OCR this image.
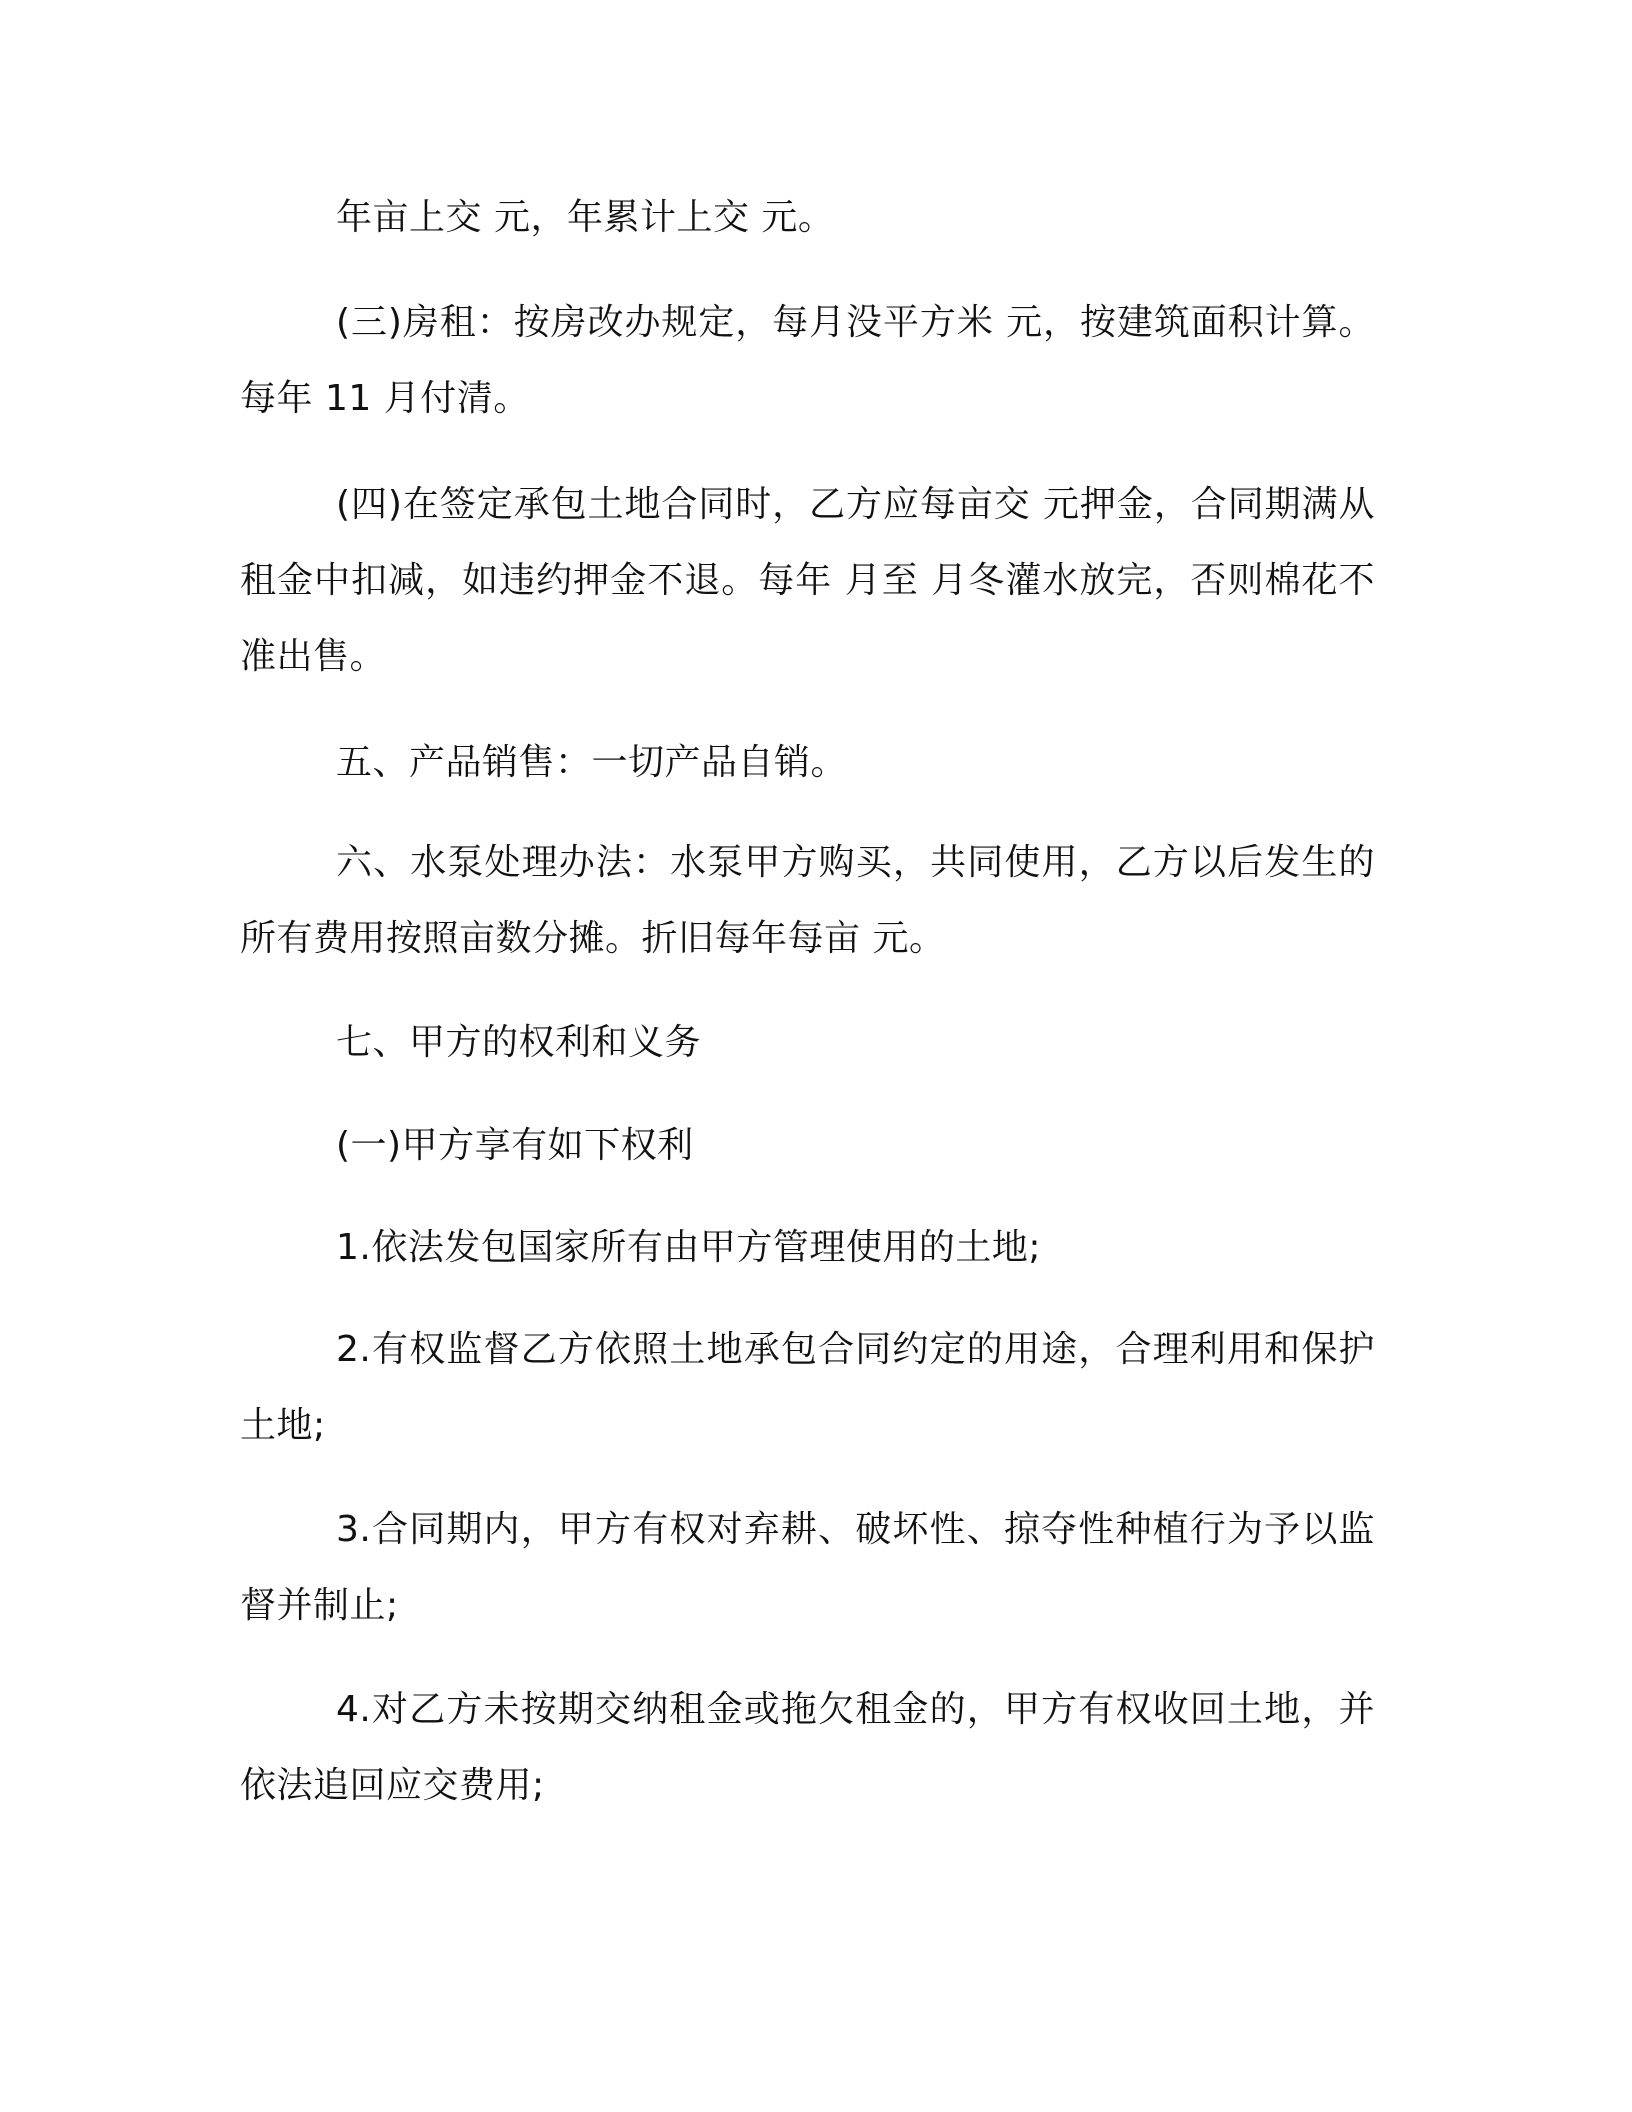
年亩上交 元，年累计上交 元。

(三)房租：按房改办规定，每月没平方米 元，按建筑面积计算。每年 11 月付清。

(四)在签定承包土地合同时，乙方应每亩交 元押金，合同期满从租金中扣减，如违约押金不退。每年 月至 月冬灌水放完，否则棉花不准出售。

五、产品销售：一切产品自销。

六、水泵处理办法：水泵甲方购买，共同使用，乙方以后发生的所有费用按照亩数分摊。折旧每年每亩 元。

七、甲方的权利和义务

(一)甲方享有如下权利

1.依法发包国家所有由甲方管理使用的土地;

2.有权监督乙方依照土地承包合同约定的用途，合理利用和保护土地;

3.合同期内，甲方有权对弃耕、破坏性、掠夺性种植行为予以监督并制止;

4.对乙方未按期交纳租金或拖欠租金的，甲方有权收回土地，并依法追回应交费用;
